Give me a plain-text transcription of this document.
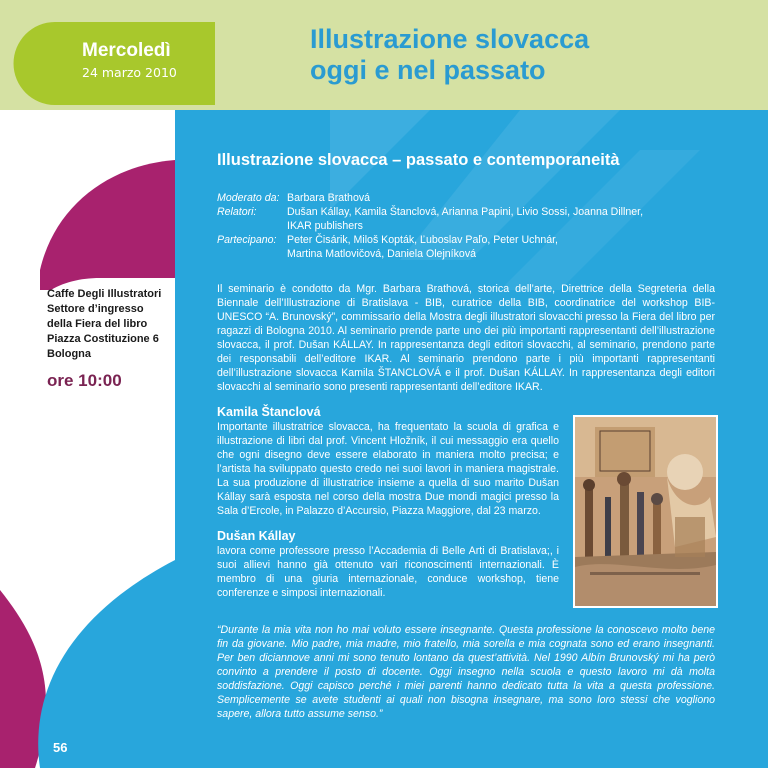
Mercoledì
24 marzo 2010
Illustrazione slovacca
oggi e nel passato
Caffe Degli Illustratori
Settore d’ingresso
della Fiera del libro
Piazza Costituzione 6
Bologna
ore 10:00
Illustrazione slovacca – passato e contemporaneità
Moderato da: Barbara Brathová
Relatori:	Dušan Kállay, Kamila Štanclová, Arianna Papini, Livio Sossi, Joanna Dillner,
IKAR publishers
Partecipano: Peter Čisárik, Miloš Kopták, Ľuboslav Paľo, Peter Uchnár,
Martina Matlovičová, Daniela Olejníková
Il seminario è condotto da Mgr. Barbara Brathová, storica dell’arte, Direttrice della Segreteria della Biennale dell’Illustrazione di Bratislava - BIB, curatrice della BIB, coordinatrice del workshop BIB-UNESCO “A. Brunovský”, commissario della Mostra degli illustratori slovacchi presso la Fiera del libro per ragazzi di Bologna 2010. Al seminario prende parte uno dei più importanti rappresentanti dell’illustrazione slovacca, il prof. Dušan KÁLLAY. In rappresentanza degli editori slovacchi, al seminario, prendono parte dei responsabili dell’editore IKAR. Al seminario prendono parte i più importanti rappresentanti dell’illustrazione slovacca Kamila ŠTANCLOVÁ e il prof. Dušan KÁLLAY. In rappresentanza degli editori slovacchi al seminario sono presenti rappresentanti dell’editore IKAR.
Kamila Štanclová
Importante illustratrice slovacca, ha frequentato la scuola di grafica e illustrazione di libri dal prof. Vincent Hložník, il cui messaggio era quello che ogni disegno deve essere elaborato in maniera molto precisa; e l’artista ha sviluppato questo credo nei suoi lavori in maniera magistrale. La sua produzione di illustratrice insieme a quella di suo marito Dušan Kállay sarà esposta nel corso della mostra Due mondi magici presso la Sala d’Ercole, in Palazzo d’Accursio, Piazza Maggiore, dal 23 marzo.
Dušan Kállay
lavora come professore presso l’Accademia di Belle Arti di Bratislava;, i suoi allievi hanno già ottenuto vari riconoscimenti internazionali. È membro di una giuria internazionale, conduce workshop, tiene conferenze e simposi internazionali.
“Durante la mia vita non ho mai voluto essere insegnante. Questa professione la conoscevo molto bene fin da giovane. Mio padre, mia madre, mio fratello, mia sorella e mia cognata sono ed erano insegnanti. Per ben diciannove anni mi sono tenuto lontano da quest’attività. Nel 1990 Albín Brunovský mi ha però convinto a prendere il posto di docente. Oggi insegno nella scuola e questo lavoro mi dà molta soddisfazione. Oggi capisco perché i miei parenti hanno dedicato tutta la vita a questa professione. Semplicemente se avete studenti ai quali non bisogna insegnare, ma sono loro stessi che vogliono sapere, allora tutto assume senso.”
56
